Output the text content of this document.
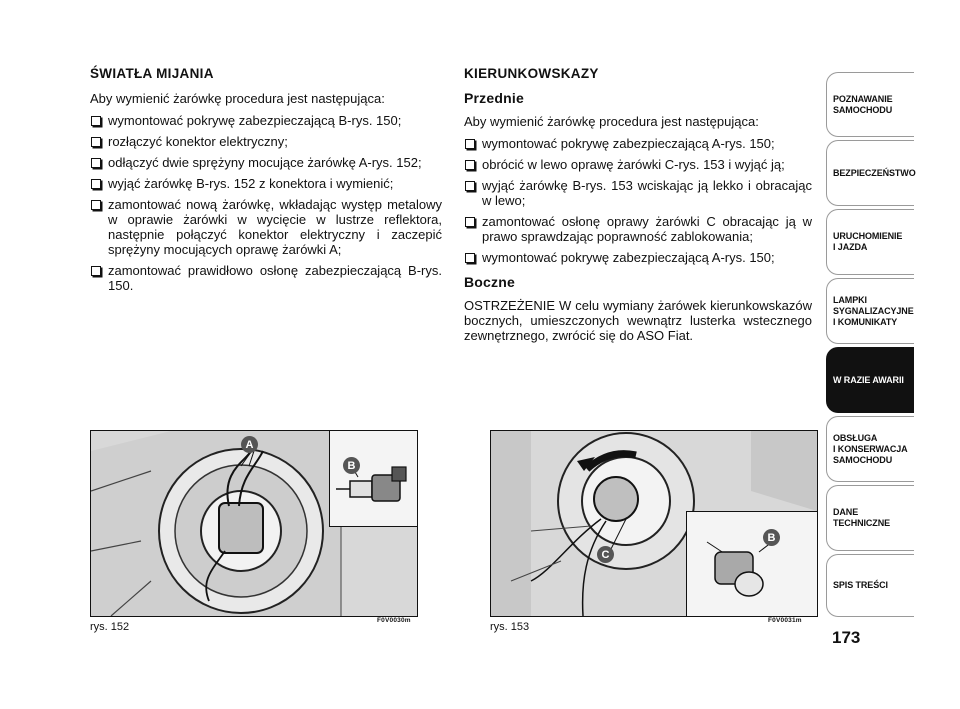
ŚWIATŁA MIJANIA
Aby wymienić żarówkę procedura jest następująca:
wymontować pokrywę zabezpieczającą B-rys. 150;
rozłączyć konektor elektryczny;
odłączyć dwie sprężyny mocujące żarówkę A-rys. 152;
wyjąć żarówkę B-rys. 152 z konektora i wymienić;
zamontować nową żarówkę, wkładając występ metalowy w oprawie żarówki w wycięcie w lustrze reflektora, następnie połączyć konektor elektryczny i zaczepić sprężyny mocujących oprawę żarówki A;
zamontować prawidłowo osłonę zabezpieczającą B-rys. 150.
KIERUNKOWSKAZY
Przednie
Aby wymienić żarówkę procedura jest następująca:
wymontować pokrywę zabezpieczającą A-rys. 150;
obrócić w lewo oprawę żarówki C-rys. 153 i wyjąć ją;
wyjąć żarówkę B-rys. 153 wciskając ją lekko i obracając w lewo;
zamontować osłonę oprawy żarówki C obracając ją w prawo sprawdzając poprawność zablokowania;
wymontować pokrywę zabezpieczającą A-rys. 150;
Boczne
OSTRZEŻENIE W celu wymiany żarówek kierunkowskazów bocznych, umieszczonych wewnątrz lusterka wstecznego zewnętrznego, zwrócić się do ASO Fiat.
A
B
rys. 152
F0V0030m
B
C
rys. 153
F0V0031m
POZNAWANIE
SAMOCHODU
BEZPIECZEŃSTWO
URUCHOMIENIE
I JAZDA
LAMPKI
SYGNALIZACYJNE
I KOMUNIKATY
W RAZIE AWARII
OBSŁUGA
I KONSERWACJA
SAMOCHODU
DANE
TECHNICZNE
SPIS TREŚCI
173
